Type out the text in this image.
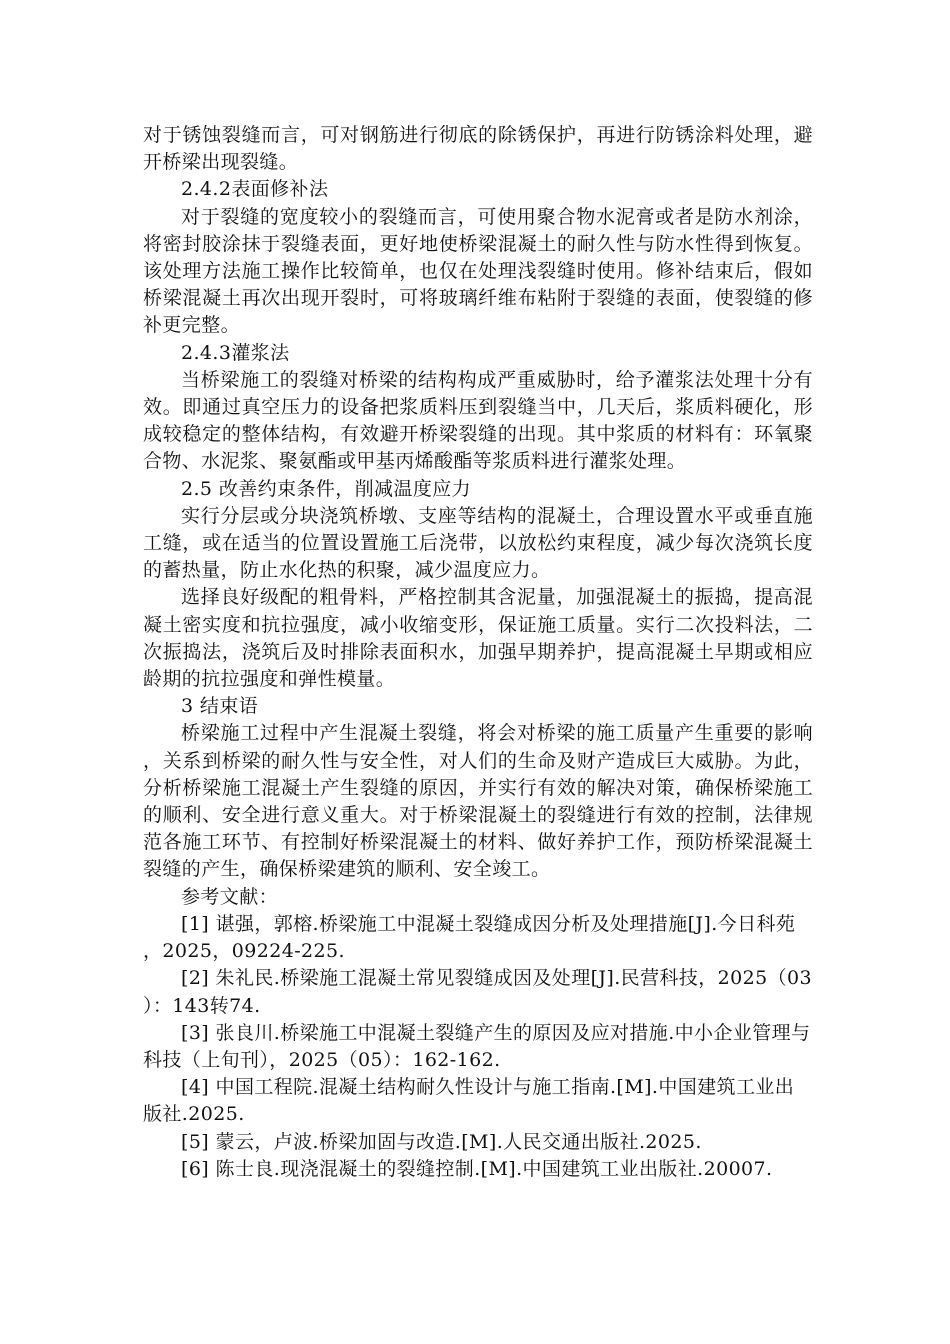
对于锈蚀裂缝而言，可对钢筋进行彻底的除锈保护，再进行防锈涂料处理，避开桥梁出现裂缝。

2.4.2表面修补法

对于裂缝的宽度较小的裂缝而言，可使用聚合物水泥膏或者是防水剂涂，将密封胶涂抹于裂缝表面，更好地使桥梁混凝土的耐久性与防水性得到恢复。该处理方法施工操作比较简单，也仅在处理浅裂缝时使用。修补结束后，假如桥梁混凝土再次出现开裂时，可将玻璃纤维布粘附于裂缝的表面，使裂缝的修补更完整。

2.4.3灌浆法

当桥梁施工的裂缝对桥梁的结构构成严重威胁时，给予灌浆法处理十分有效。即通过真空压力的设备把浆质料压到裂缝当中，几天后，浆质料硬化，形成较稳定的整体结构，有效避开桥梁裂缝的出现。其中浆质的材料有：环氧聚合物、水泥浆、聚氨酯或甲基丙烯酸酯等浆质料进行灌浆处理。

2.5 改善约束条件，削减温度应力

实行分层或分块浇筑桥墩、支座等结构的混凝土，合理设置水平或垂直施工缝，或在适当的位置设置施工后浇带，以放松约束程度，减少每次浇筑长度的蓄热量，防止水化热的积聚，减少温度应力。

选择良好级配的粗骨料，严格控制其含泥量，加强混凝土的振捣，提高混凝土密实度和抗拉强度，减小收缩变形，保证施工质量。实行二次投料法，二次振捣法，浇筑后及时排除表面积水，加强早期养护，提高混凝土早期或相应龄期的抗拉强度和弹性模量。

3 结束语

桥梁施工过程中产生混凝土裂缝，将会对桥梁的施工质量产生重要的影响，关系到桥梁的耐久性与安全性，对人们的生命及财产造成巨大威胁。为此，分析桥梁施工混凝土产生裂缝的原因，并实行有效的解决对策，确保桥梁施工的顺利、安全进行意义重大。对于桥梁混凝土的裂缝进行有效的控制，法律规范各施工环节、有控制好桥梁混凝土的材料、做好养护工作，预防桥梁混凝土裂缝的产生，确保桥梁建筑的顺利、安全竣工。

参考文献：

[1] 谌强，郭榕.桥梁施工中混凝土裂缝成因分析及处理措施[J].今日科苑，2025，09224-225.

[2] 朱礼民.桥梁施工混凝土常见裂缝成因及处理[J].民营科技，2025（03）：143转74.

[3] 张良川.桥梁施工中混凝土裂缝产生的原因及应对措施.中小企业管理与科技（上旬刊），2025（05）：162-162.

[4] 中国工程院.混凝土结构耐久性设计与施工指南.[M].中国建筑工业出版社.2025.

[5] 蒙云，卢波.桥梁加固与改造.[M].人民交通出版社.2025.

[6] 陈士良.现浇混凝土的裂缝控制.[M].中国建筑工业出版社.20007.
